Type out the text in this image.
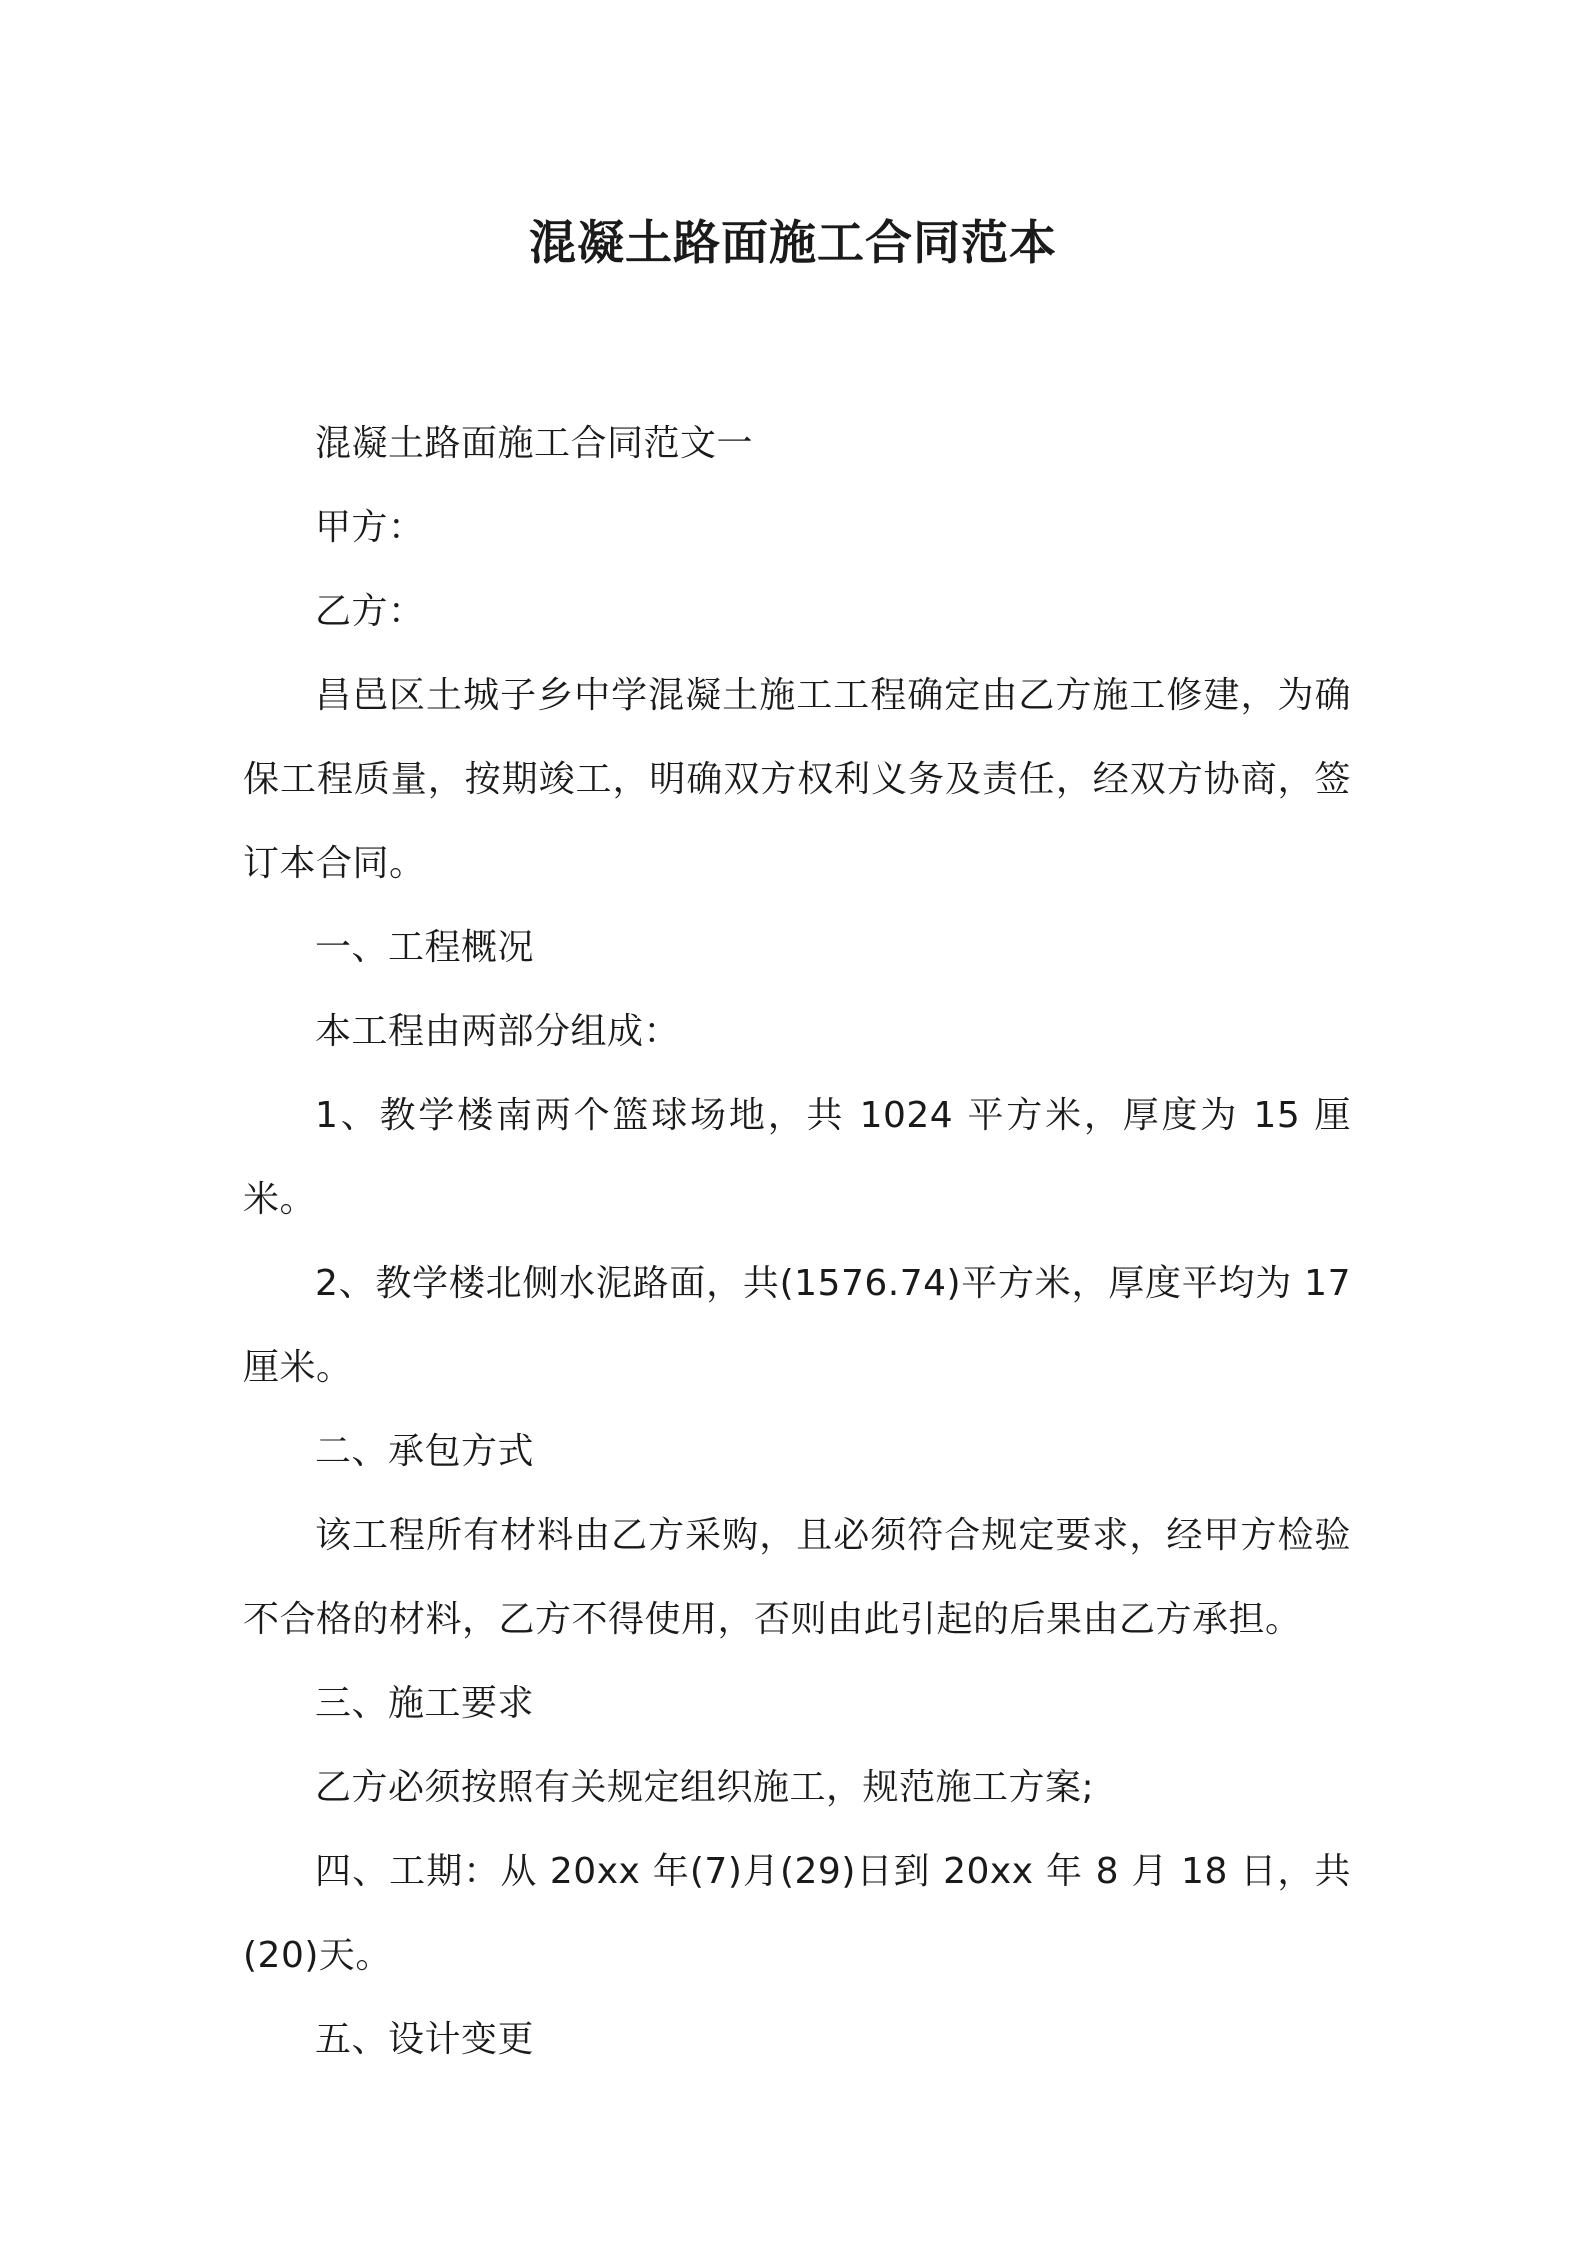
混凝土路面施工合同范本

混凝土路面施工合同范文一

甲方：

乙方：

昌邑区土城子乡中学混凝土施工工程确定由乙方施工修建，为确保工程质量，按期竣工，明确双方权利义务及责任，经双方协商，签订本合同。

一、工程概况

本工程由两部分组成：

1、教学楼南两个篮球场地，共 1024 平方米，厚度为 15 厘米。

2、教学楼北侧水泥路面，共(1576.74)平方米，厚度平均为 17 厘米。

二、承包方式

该工程所有材料由乙方采购，且必须符合规定要求，经甲方检验不合格的材料，乙方不得使用，否则由此引起的后果由乙方承担。

三、施工要求

乙方必须按照有关规定组织施工，规范施工方案;

四、工期：从 20xx 年(7)月(29)日到 20xx 年 8 月 18 日，共(20)天。

五、设计变更
